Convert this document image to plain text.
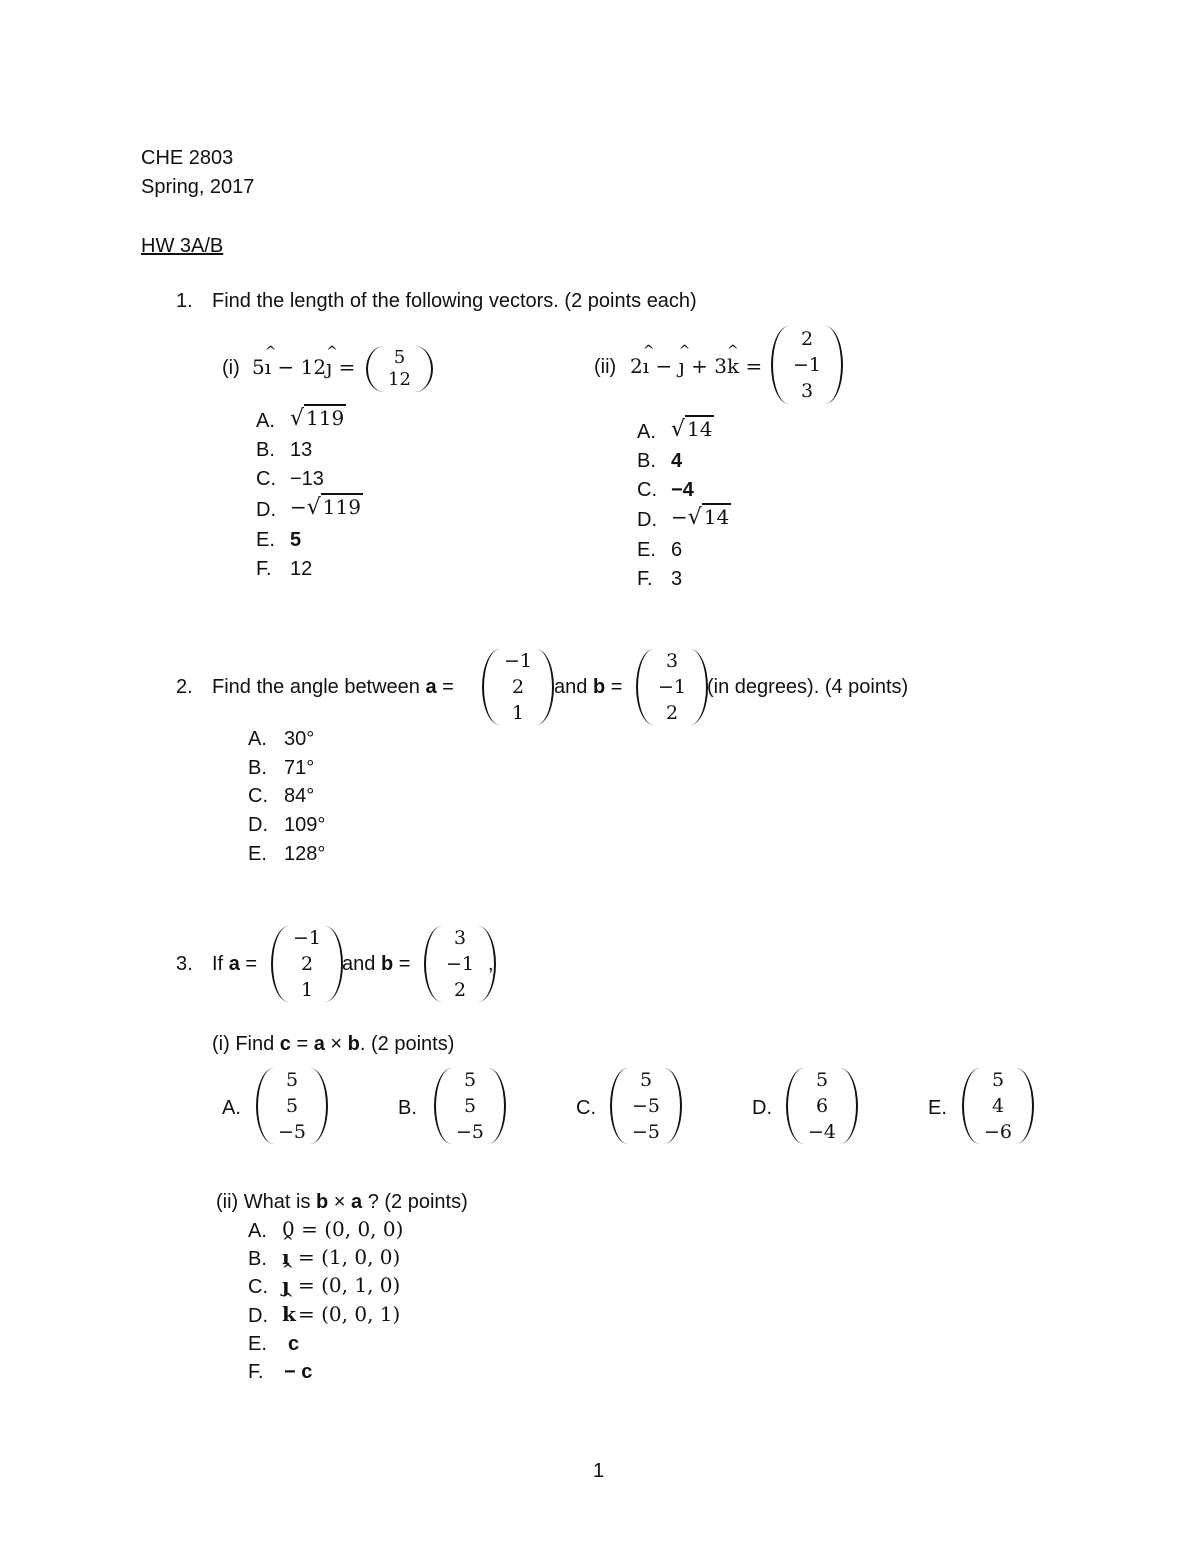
CHE 2803
Spring, 2017
HW 3A/B
1. Find the length of the following vectors. (2 points each)
(i) 5ı ^ − 12ȷ ^ = 5
12
A. √ 119
B. 13
C. −13
D. −√ 119
E. 5
F. 12
(ii) 2ı ^ − ȷ ^ + 3k ^ =
2
−1
3
A. √ 14
B. 4
C. −4
D. −√ 14
E. 6
F. 3
2. Find the angle between a =
−1
2
1
and b =
3
−1
2
(in degrees). (4 points)
A. 30°
B. 71°
C. 84°
D. 109°
E. 128°
3. If a =
−1
2
1
and b =
3
−1
2
,
(i) Find c = a × b. (2 points)
A.
5
5
−5
B.
5
5
−5
C.
5
−5
−5
D.
5
6
−4
E.
5
4
−6
(ii) What is b × a ? (2 points)
A. 0 = (0, 0, 0)
B. ı ^ = (1, 0, 0)
C. ȷ ^ = (0, 1, 0)
D. k ^ = (0, 0, 1)
E. c
F. − c
1
